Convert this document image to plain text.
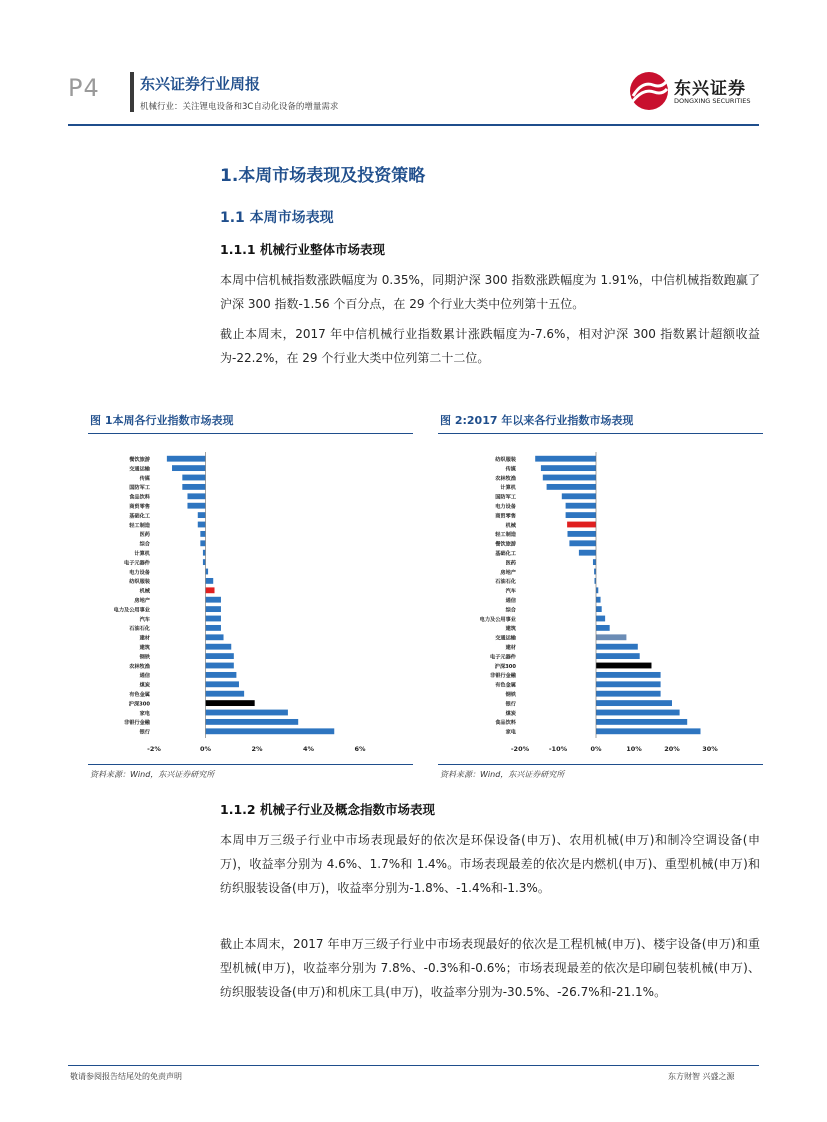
P4	东兴证券行业周报
机械行业：关注锂电设备和3C自动化设备的增量需求
东兴证券
DONGXING SECURITIES
1.本周市场表现及投资策略
1.1 本周市场表现
1.1.1 机械行业整体市场表现
本周中信机械指数涨跌幅度为 0.35%，同期沪深 300 指数涨跌幅度为 1.91%，中信机械指数跑赢了沪深 300 指数-1.56 个百分点，在 29 个行业大类中位列第十五位。
截止本周末，2017 年中信机械行业指数累计涨跌幅度为-7.6%，相对沪深 300 指数累计超额收益为-22.2%，在 29 个行业大类中位列第二十二位。
图 1本周各行业指数市场表现
餐饮旅游
交通运输
传媒
国防军工
食品饮料
商贸零售
基础化工
轻工制造
医药
综合
计算机
电子元器件
电力设备
纺织服装
机械
房地产
电力及公用事业
汽车
石油石化
建材
建筑
钢铁
农林牧渔
通信
煤炭
有色金属
沪深300
家电
非银行金融
银行
-2%	0%	2%	4%	6%
资料来源：Wind，东兴证券研究所
图 2:2017 年以来各行业指数市场表现
纺织服装
传媒
农林牧渔
计算机
国防军工
电力设备
商贸零售
机械
轻工制造
餐饮旅游
基础化工
医药
房地产
石油石化
汽车
通信
综合
电力及公用事业
建筑
交通运输
建材
电子元器件
沪深300
非银行金融
有色金属
钢铁
银行
煤炭
食品饮料
家电
-20%	-10%	0%	10%	20%	30%
资料来源：Wind，东兴证券研究所
1.1.2 机械子行业及概念指数市场表现
本周申万三级子行业中市场表现最好的依次是环保设备(申万)、农用机械(申万)和制冷空调设备(申万)，收益率分别为 4.6%、1.7%和 1.4%。市场表现最差的依次是内燃机(申万)、重型机械(申万)和纺织服装设备(申万)，收益率分别为-1.8%、-1.4%和-1.3%。
截止本周末，2017 年申万三级子行业中市场表现最好的依次是工程机械(申万)、楼宇设备(申万)和重型机械(申万)，收益率分别为 7.8%、-0.3%和-0.6%；市场表现最差的依次是印刷包装机械(申万)、纺织服装设备(申万)和机床工具(申万)，收益率分别为-30.5%、-26.7%和-21.1%。
敬请参阅报告结尾处的免责声明	东方财智 兴盛之源
